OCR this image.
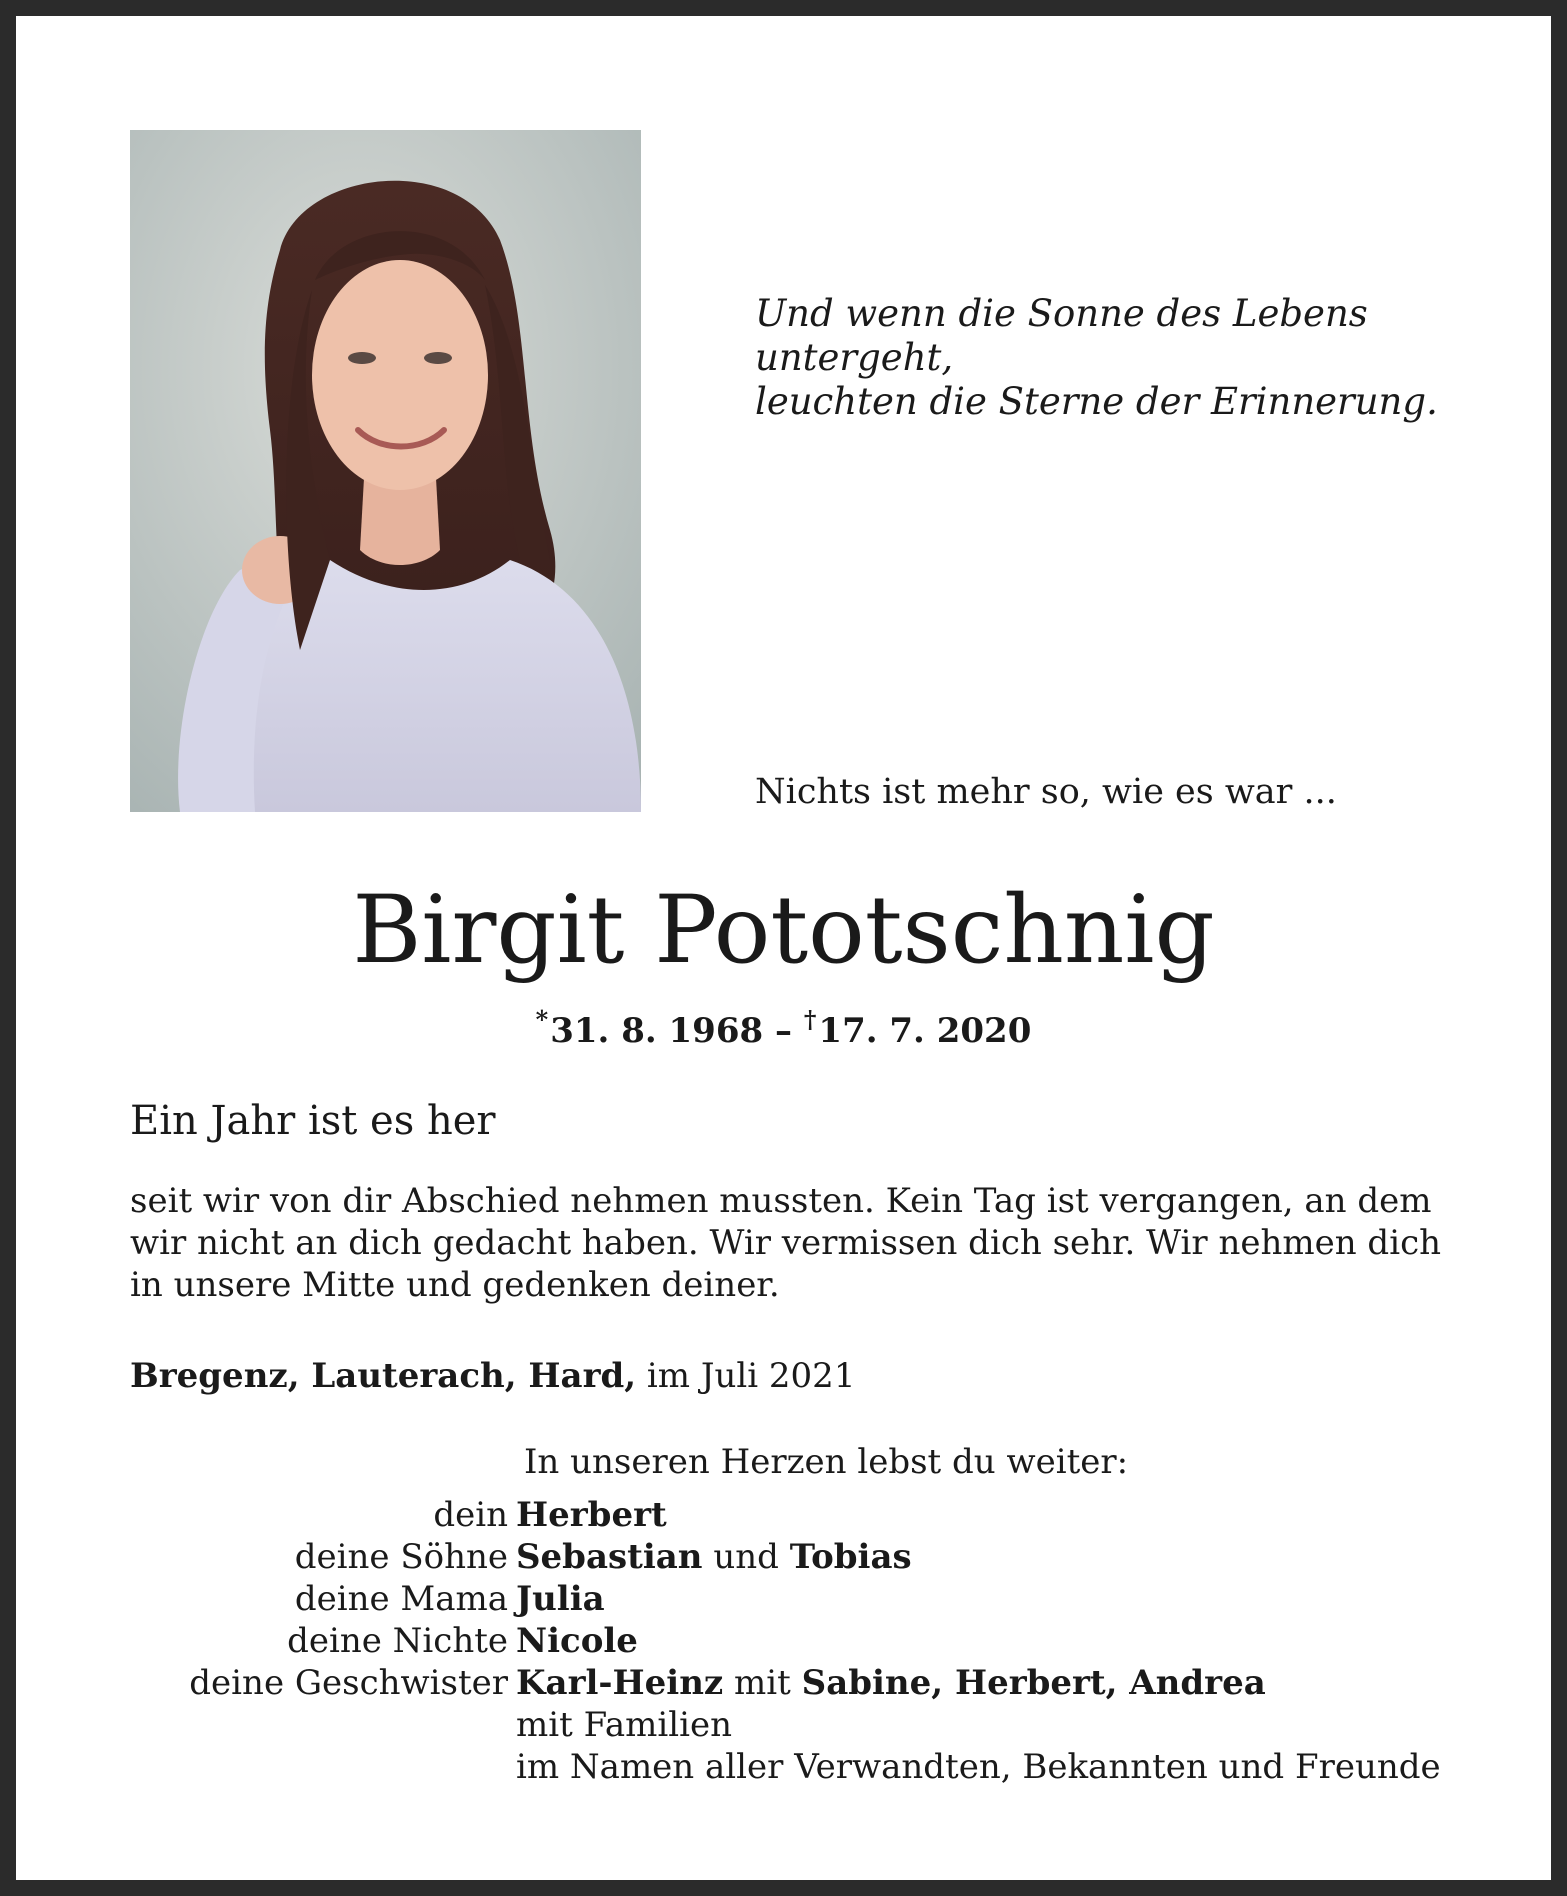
Und wenn die Sonne des Lebens untergeht,
leuchten die Sterne der Erinnerung.

Nichts ist mehr so, wie es war ...

Birgit Pototschnig

*31. 8. 1968 – †17. 7. 2020

Ein Jahr ist es her

seit wir von dir Abschied nehmen mussten. Kein Tag ist vergangen, an dem
wir nicht an dich gedacht haben. Wir vermissen dich sehr. Wir nehmen dich
in unsere Mitte und gedenken deiner.

Bregenz, Lauterach, Hard, im Juli 2021

In unseren Herzen lebst du weiter:

dein Herbert
deine Söhne Sebastian und Tobias
deine Mama Julia
deine Nichte Nicole
deine Geschwister Karl-Heinz mit Sabine, Herbert, Andrea
mit Familien
im Namen aller Verwandten, Bekannten und Freunde
